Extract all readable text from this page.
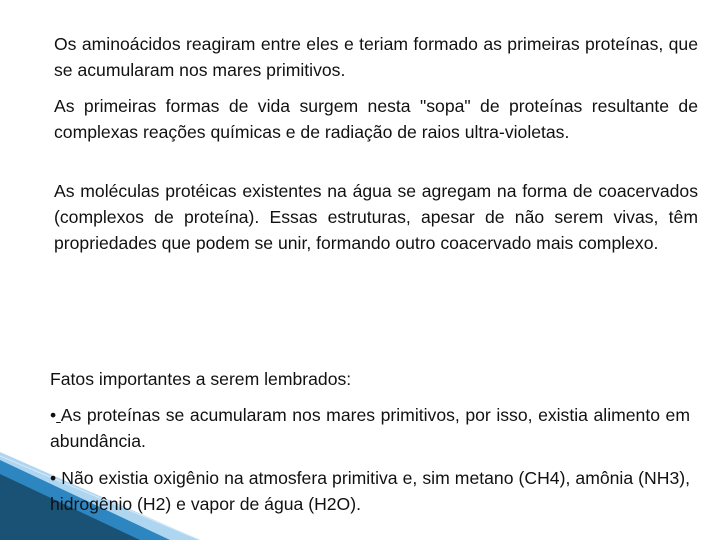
Os aminoácidos reagiram entre eles e teriam formado as primeiras proteínas, que se acumularam nos mares primitivos.

As primeiras formas de vida surgem nesta "sopa" de proteínas resultante de complexas reações químicas e de radiação de raios ultra-violetas.

As moléculas protéicas existentes na água se agregam na forma de coacervados (complexos de proteína). Essas estruturas, apesar de não serem vivas, têm propriedades que podem se unir, formando outro coacervado mais complexo.

Fatos importantes a serem lembrados:

• As proteínas se acumularam nos mares primitivos, por isso, existia alimento em abundância.

• Não existia oxigênio na atmosfera primitiva e, sim metano (CH4), amônia (NH3), hidrogênio (H2) e vapor de água (H2O).
